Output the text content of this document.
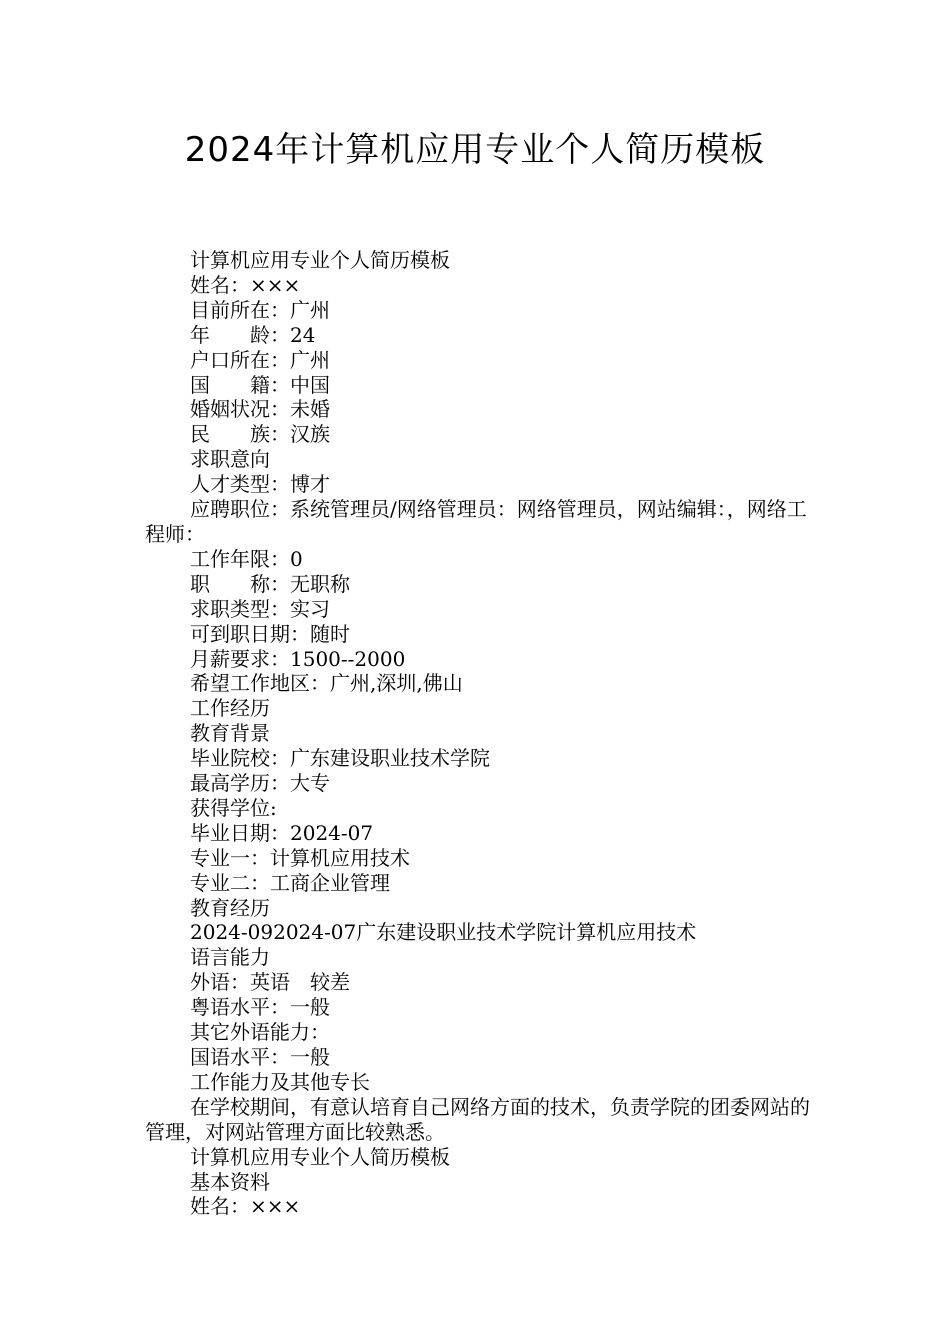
2024年计算机应用专业个人简历模板

计算机应用专业个人简历模板

姓名：×××

目前所在：广州

年　　龄：24

户口所在：广州

国　　籍：中国

婚姻状况：未婚

民　　族：汉族

求职意向

人才类型：博才

应聘职位：系统管理员/网络管理员：网络管理员，网站编辑：，网络工程师：

工作年限：0

职　　称：无职称

求职类型：实习

可到职日期：随时

月薪要求：1500--2000

希望工作地区：广州,深圳,佛山

工作经历

教育背景

毕业院校：广东建设职业技术学院

最高学历：大专

获得学位:

毕业日期：2024-07

专业一：计算机应用技术

专业二：工商企业管理

教育经历

2024-092024-07广东建设职业技术学院计算机应用技术

语言能力

外语：英语　较差

粤语水平：一般

其它外语能力：

国语水平：一般

工作能力及其他专长

在学校期间，有意认培育自己网络方面的技术，负责学院的团委网站的管理，对网站管理方面比较熟悉。

计算机应用专业个人简历模板

基本资料

姓名：×××
